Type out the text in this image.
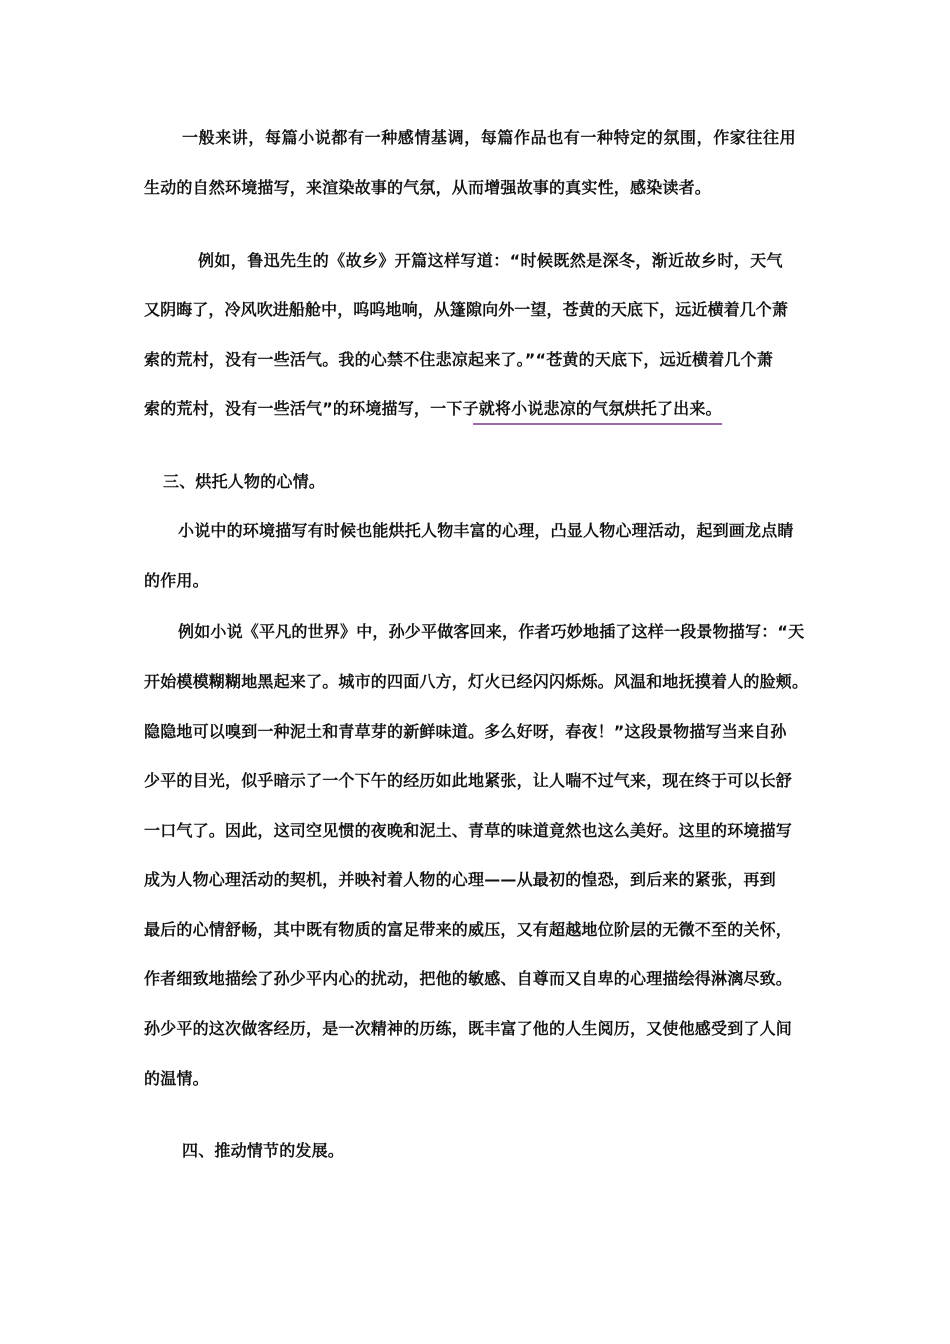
一般来讲，每篇小说都有一种感情基调，每篇作品也有一种特定的氛围，作家往往用
生动的自然环境描写，来渲染故事的气氛，从而增强故事的真实性，感染读者。
例如，鲁迅先生的《故乡》开篇这样写道：“时候既然是深冬，渐近故乡时，天气
又阴晦了，冷风吹进船舱中，呜呜地响，从篷隙向外一望，苍黄的天底下，远近横着几个萧
索的荒村，没有一些活气。我的心禁不住悲凉起来了。”“苍黄的天底下，远近横着几个萧
索的荒村，没有一些活气”的环境描写，一下子就将小说悲凉的气氛烘托了出来。
三、烘托人物的心情。
小说中的环境描写有时候也能烘托人物丰富的心理，凸显人物心理活动，起到画龙点睛
的作用。
例如小说《平凡的世界》中，孙少平做客回来，作者巧妙地插了这样一段景物描写：“天
开始模模糊糊地黑起来了。城市的四面八方，灯火已经闪闪烁烁。风温和地抚摸着人的脸颊。
隐隐地可以嗅到一种泥土和青草芽的新鲜味道。多么好呀，春夜！”这段景物描写当来自孙
少平的目光，似乎暗示了一个下午的经历如此地紧张，让人喘不过气来，现在终于可以长舒
一口气了。因此，这司空见惯的夜晚和泥土、青草的味道竟然也这么美好。这里的环境描写
成为人物心理活动的契机，并映衬着人物的心理——从最初的惶恐，到后来的紧张，再到
最后的心情舒畅，其中既有物质的富足带来的威压，又有超越地位阶层的无微不至的关怀，
作者细致地描绘了孙少平内心的扰动，把他的敏感、自尊而又自卑的心理描绘得淋漓尽致。
孙少平的这次做客经历，是一次精神的历练，既丰富了他的人生阅历，又使他感受到了人间
的温情。
四、推动情节的发展。
